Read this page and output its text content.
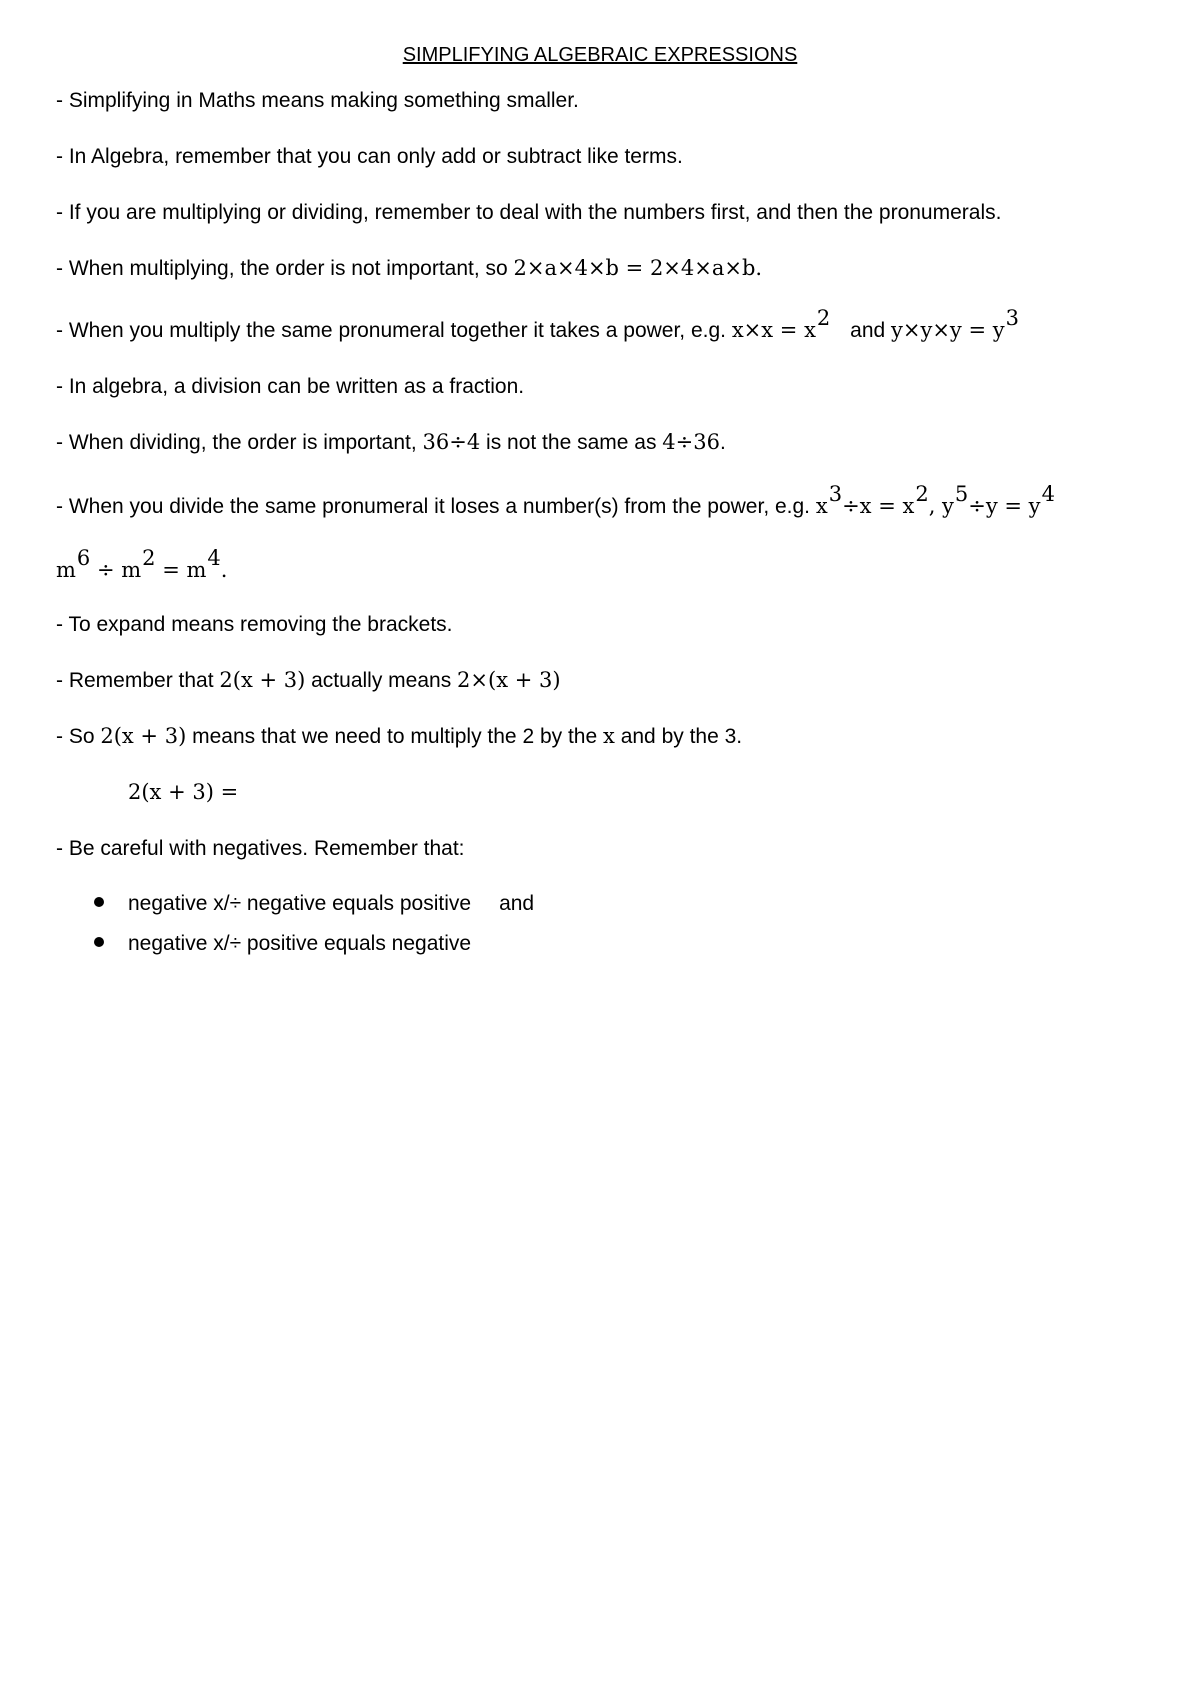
SIMPLIFYING ALGEBRAIC EXPRESSIONS
- Simplifying in Maths means making something smaller.
- In Algebra, remember that you can only add or subtract like terms.
- If you are multiplying or dividing, remember to deal with the numbers first, and then the pronumerals.
- When multiplying, the order is not important, so 2×a×4×b = 2×4×a×b.
- When you multiply the same pronumeral together it takes a power, e.g. $x\times x = x^2$ and $y\times y\times y = y^3$
- In algebra, a division can be written as a fraction.
- When dividing, the order is important, 36÷4 is not the same as 4÷36.
- When you divide the same pronumeral it loses a number(s) from the power, e.g. $x^3\div x = x^2$, $y^5\div y = y^4$
$m^6 \div m^2 = m^4$.
- To expand means removing the brackets.
- Remember that 2(x + 3) actually means 2×(x + 3)
- So 2(x + 3) means that we need to multiply the 2 by the x and by the 3.
2(x + 3) =
- Be careful with negatives. Remember that:
negative x/÷ negative equals positive and
negative x/÷ positive equals negative
